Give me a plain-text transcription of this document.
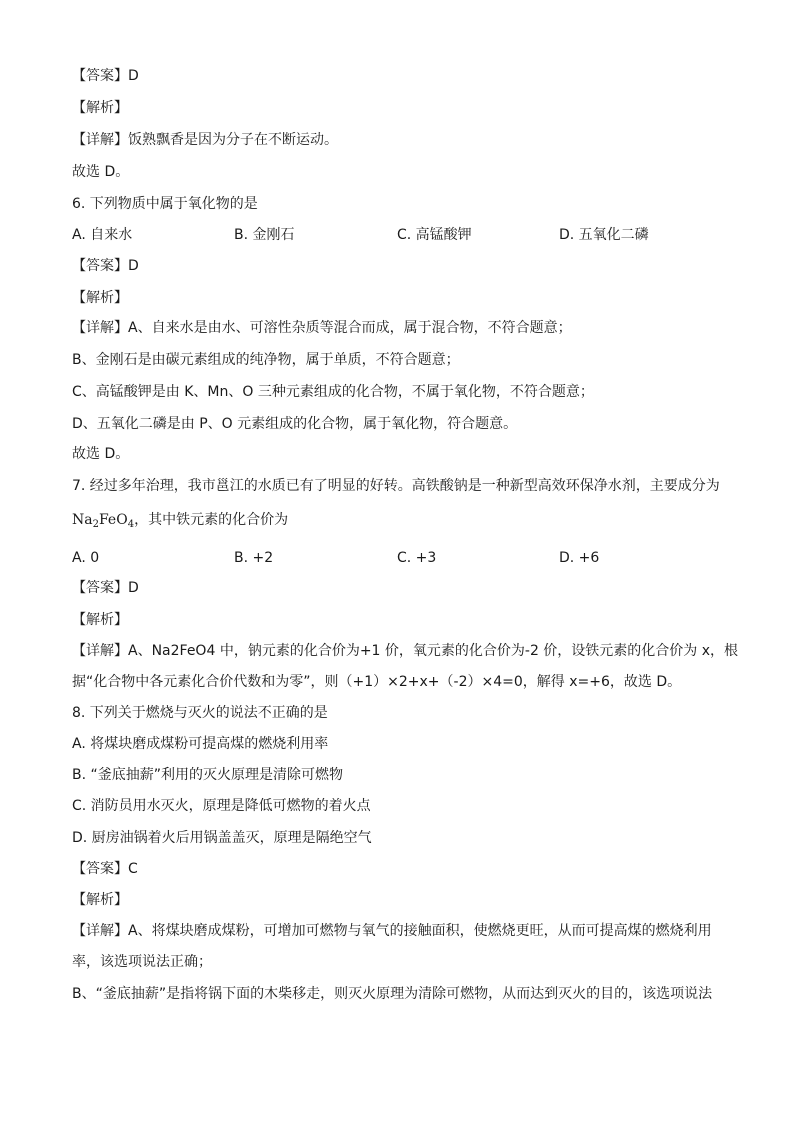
【答案】D
【解析】
【详解】饭熟飘香是因为分子在不断运动。
故选 D。
6. 下列物质中属于氧化物的是
A. 自来水	B. 金刚石	C. 高锰酸钾	D. 五氧化二磷
【答案】D
【解析】
【详解】A、自来水是由水、可溶性杂质等混合而成，属于混合物，不符合题意；
B、金刚石是由碳元素组成的纯净物，属于单质，不符合题意；
C、高锰酸钾是由 K、Mn、O 三种元素组成的化合物，不属于氧化物，不符合题意；
D、五氧化二磷是由 P、O 元素组成的化合物，属于氧化物，符合题意。
故选 D。
7. 经过多年治理，我市邕江的水质已有了明显的好转。高铁酸钠是一种新型高效环保净水剂，主要成分为
$Na_2FeO_4$，其中铁元素的化合价为
A. 0	B. +2	C. +3	D. +6
【答案】D
【解析】
【详解】A、Na2FeO4 中，钠元素的化合价为+1 价，氧元素的化合价为-2 价，设铁元素的化合价为 x，根
据“化合物中各元素化合价代数和为零”，则（+1）×2+x+（-2）×4=0，解得 x=+6，故选 D。
8. 下列关于燃烧与灭火的说法不正确的是
A. 将煤块磨成煤粉可提高煤的燃烧利用率
B. “釜底抽薪”利用的灭火原理是清除可燃物
C. 消防员用水灭火，原理是降低可燃物的着火点
D. 厨房油锅着火后用锅盖盖灭，原理是隔绝空气
【答案】C
【解析】
【详解】A、将煤块磨成煤粉，可增加可燃物与氧气的接触面积，使燃烧更旺，从而可提高煤的燃烧利用
率，该选项说法正确；
B、“釜底抽薪”是指将锅下面的木柴移走，则灭火原理为清除可燃物，从而达到灭火的目的，该选项说法
